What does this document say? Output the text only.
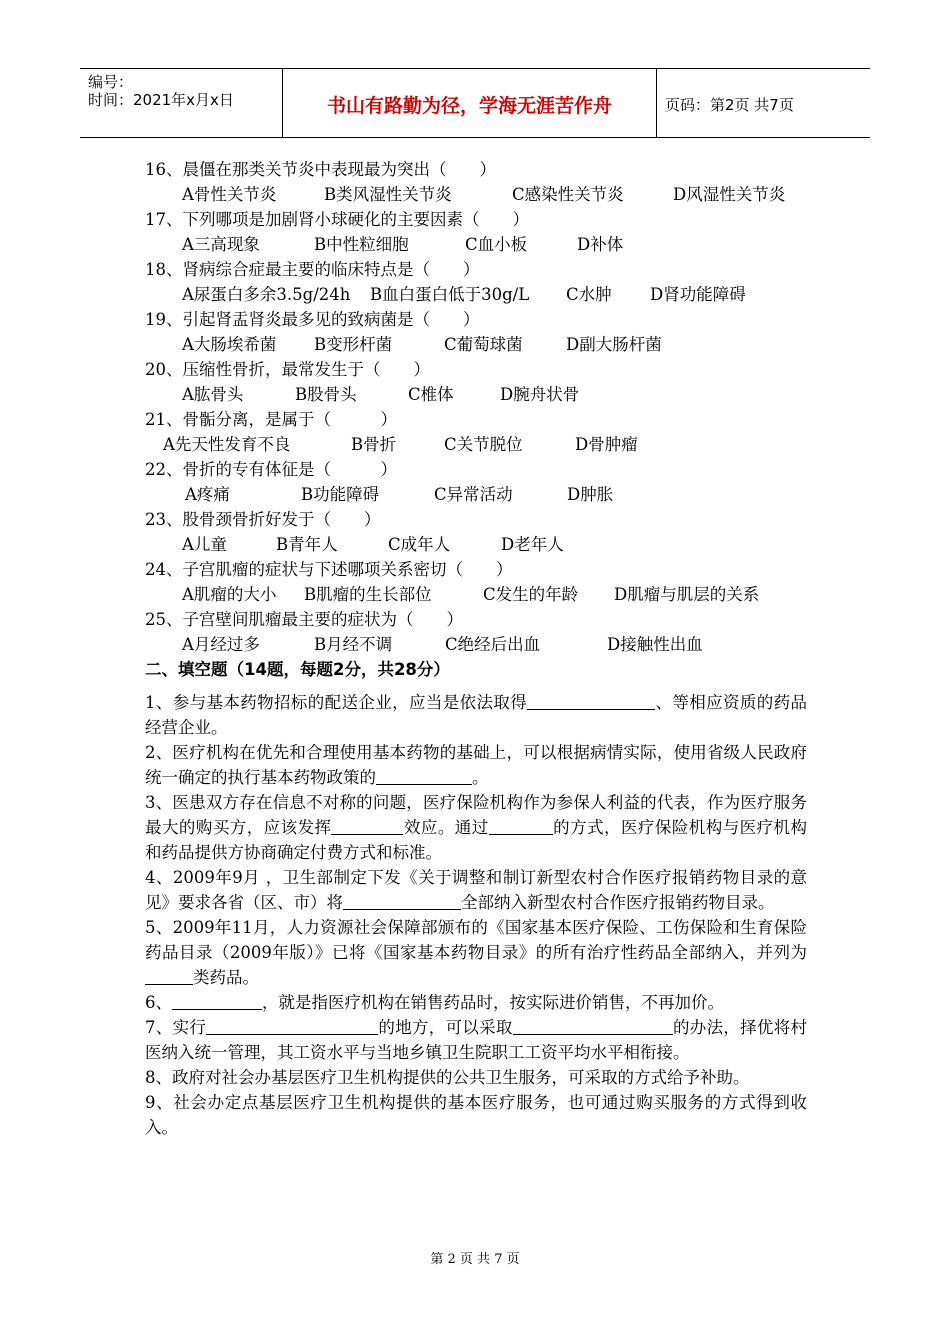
编号：
时间：2021年x月x日	书山有路勤为径，学海无涯苦作舟	页码：第2页 共7页
16、晨僵在那类关节炎中表现最为突出（　　）
A骨性关节炎	B类风湿性关节炎	C感染性关节炎	D风湿性关节炎
17、下列哪项是加剧肾小球硬化的主要因素（　　）
A三高现象	B中性粒细胞	C血小板	D补体
18、肾病综合症最主要的临床特点是（　　）
A尿蛋白多余3.5g/24h B血白蛋白低于30g/L C水肿 D肾功能障碍
19、引起肾盂肾炎最多见的致病菌是（　　）
A大肠埃希菌 B变形杆菌	C葡萄球菌	D副大肠杆菌
20、压缩性骨折，最常发生于（　　）
A肱骨头	B股骨头	C椎体	D腕舟状骨
21、骨骺分离，是属于（　　　）
A先天性发育不良	B骨折	C关节脱位	D骨肿瘤
22、骨折的专有体征是（　　　）
A疼痛	B功能障碍	C异常活动	D肿胀
23、股骨颈骨折好发于（　　）
A儿童	B青年人	C成年人	D老年人
24、子宫肌瘤的症状与下述哪项关系密切（　　）
A肌瘤的大小 B肌瘤的生长部位	C发生的年龄 D肌瘤与肌层的关系
25、子宫壁间肌瘤最主要的症状为（　　）
A月经过多	B月经不调	C绝经后出血	D接触性出血
二、填空题（14题，每题2分，共28分）
1、参与基本药物招标的配送企业，应当是依法取得	、等相应资质的药品经营企业。
2、医疗机构在优先和合理使用基本药物的基础上，可以根据病情实际，使用省级人民政府统一确定的执行基本药物政策的	。
3、医患双方存在信息不对称的问题，医疗保险机构作为参保人利益的代表，作为医疗服务最大的购买方，应该发挥	效应。通过	的方式，医疗保险机构与医疗机构和药品提供方协商确定付费方式和标准。
4、2009年9月 ，卫生部制定下发《关于调整和制订新型农村合作医疗报销药物目录的意见》要求各省（区、市）将	全部纳入新型农村合作医疗报销药物目录。
5、2009年11月，人力资源社会保障部颁布的《国家基本医疗保险、工伤保险和生育保险药品目录（2009年版）》已将《国家基本药物目录》的所有治疗性药品全部纳入，并列为类药品。
6、	，就是指医疗机构在销售药品时，按实际进价销售，不再加价。
7、实行	的地方，可以采取	的办法，择优将村医纳入统一管理，其工资水平与当地乡镇卫生院职工工资平均水平相衔接。
8、政府对社会办基层医疗卫生机构提供的公共卫生服务，可采取的方式给予补助。
9、社会办定点基层医疗卫生机构提供的基本医疗服务，也可通过购买服务的方式得到收入。
第 2 页 共 7 页
